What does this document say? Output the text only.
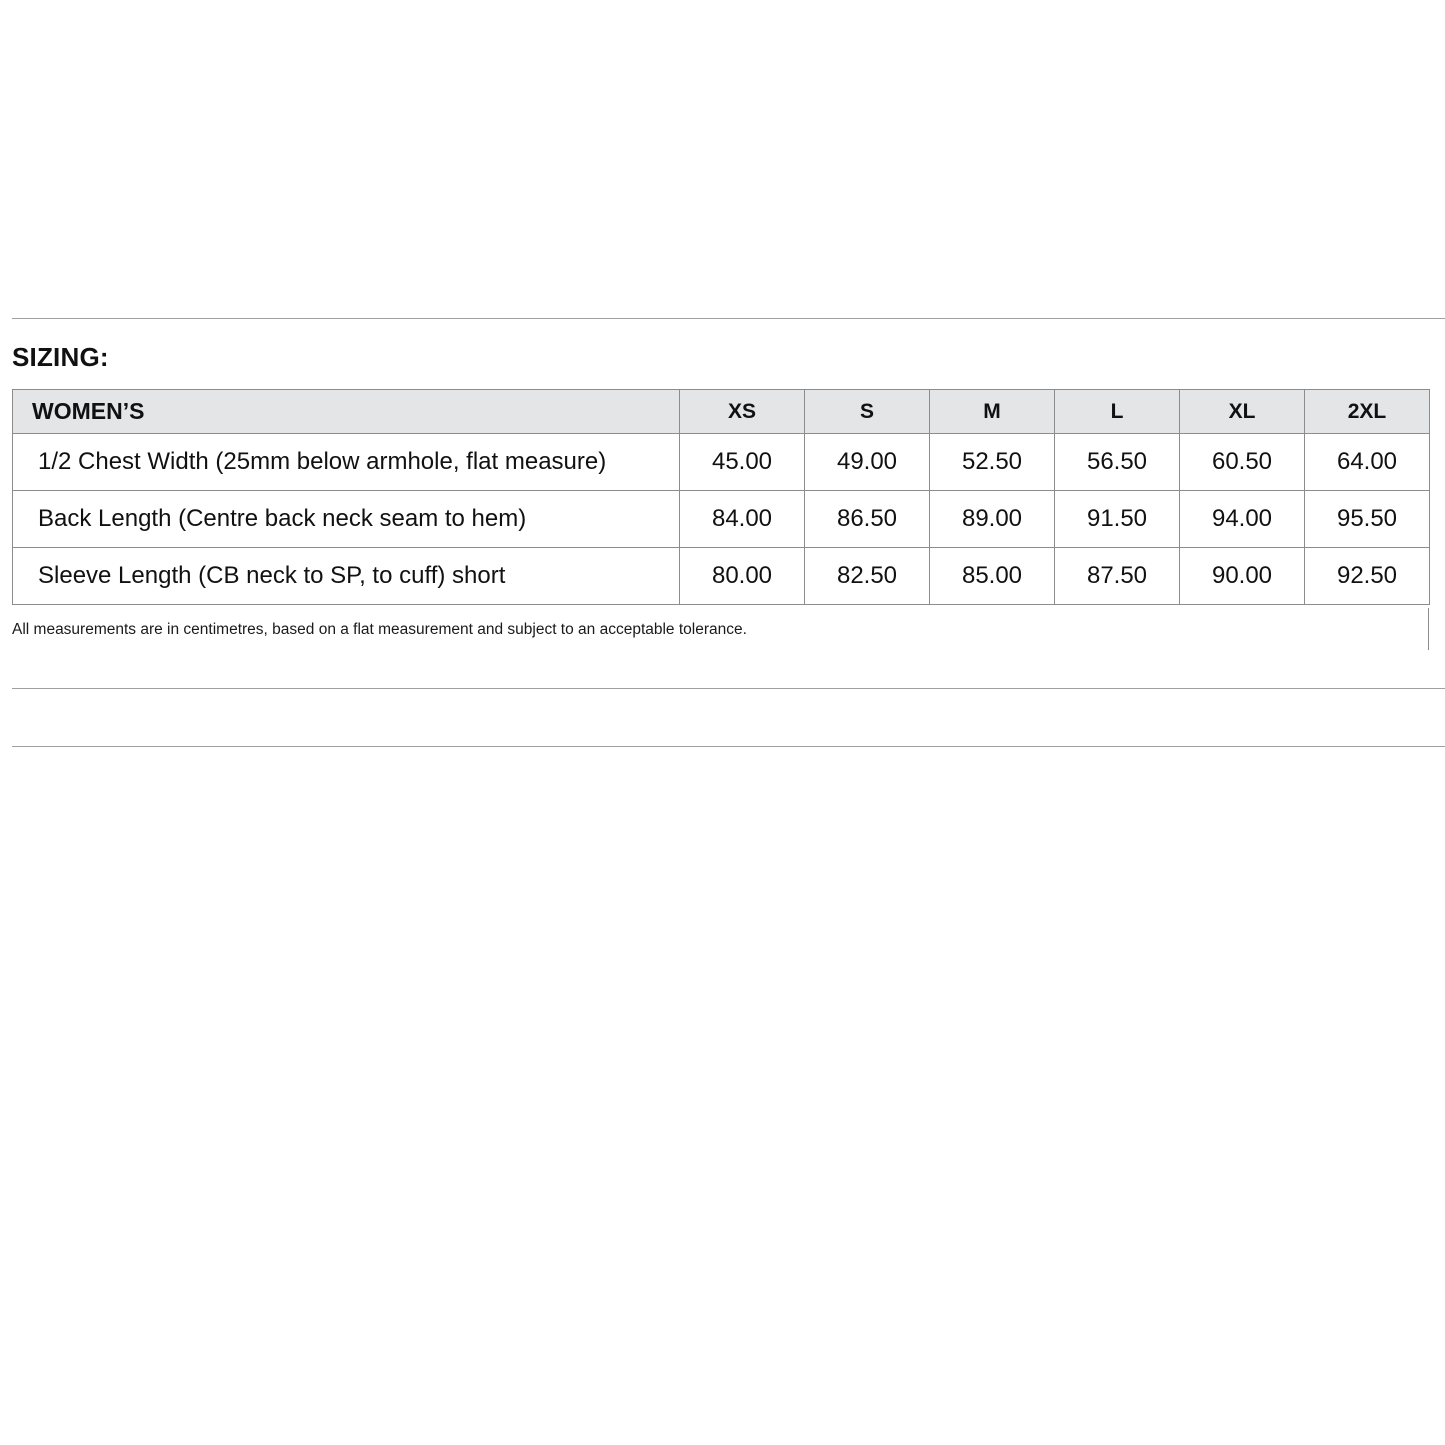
SIZING:
WOMEN’S	XS	S	M	L	XL	2XL
1/2 Chest Width (25mm below armhole, flat measure)	45.00	49.00	52.50	56.50	60.50	64.00
Back Length (Centre back neck seam to hem)	84.00	86.50	89.00	91.50	94.00	95.50
Sleeve Length (CB neck to SP, to cuff) short	80.00	82.50	85.00	87.50	90.00	92.50

All measurements are in centimetres, based on a flat measurement and subject to an acceptable tolerance.
